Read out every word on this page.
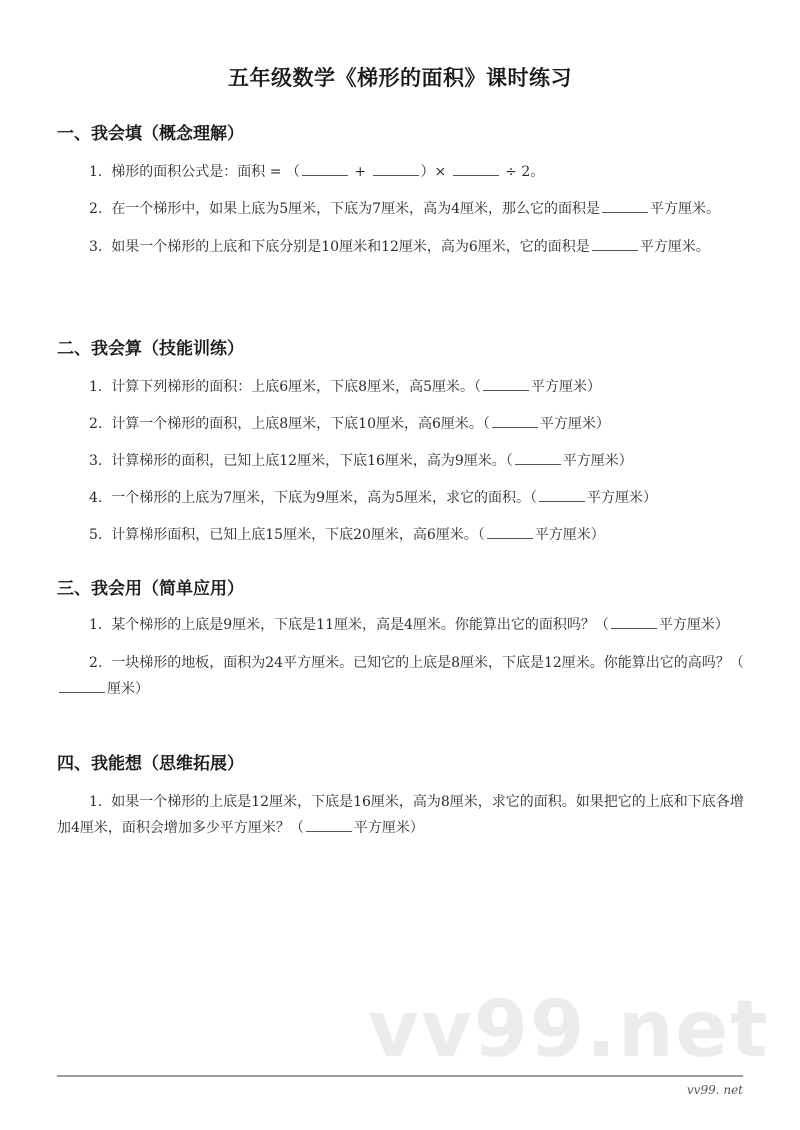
五年级数学《梯形的面积》课时练习
一、我会填（概念理解）

1. 梯形的面积公式是：面积 = （	+	）×	÷ 2。

2. 在一个梯形中，如果上底为5厘米，下底为7厘米，高为4厘米，那么它的面积是	平方厘米。

3. 如果一个梯形的上底和下底分别是10厘米和12厘米，高为6厘米，它的面积是	平方厘米。

二、我会算（技能训练）

1. 计算下列梯形的面积：上底6厘米，下底8厘米，高5厘米。（	平方厘米）

2. 计算一个梯形的面积，上底8厘米，下底10厘米，高6厘米。（	平方厘米）

3. 计算梯形的面积，已知上底12厘米，下底16厘米，高为9厘米。（	平方厘米）

4. 一个梯形的上底为7厘米，下底为9厘米，高为5厘米，求它的面积。（	平方厘米）

5. 计算梯形面积，已知上底15厘米，下底20厘米，高6厘米。（	平方厘米）

三、我会用（简单应用）

1. 某个梯形的上底是9厘米，下底是11厘米，高是4厘米。你能算出它的面积吗？（	平方厘米）

2. 一块梯形的地板，面积为24平方厘米。已知它的上底是8厘米，下底是12厘米。你能算出它的高吗？（厘米）

四、我能想（思维拓展）

1. 如果一个梯形的上底是12厘米，下底是16厘米，高为8厘米，求它的面积。如果把它的上底和下底各增加4厘米，面积会增加多少平方厘米？（	平方厘米）

vv99.net
vv99. net
